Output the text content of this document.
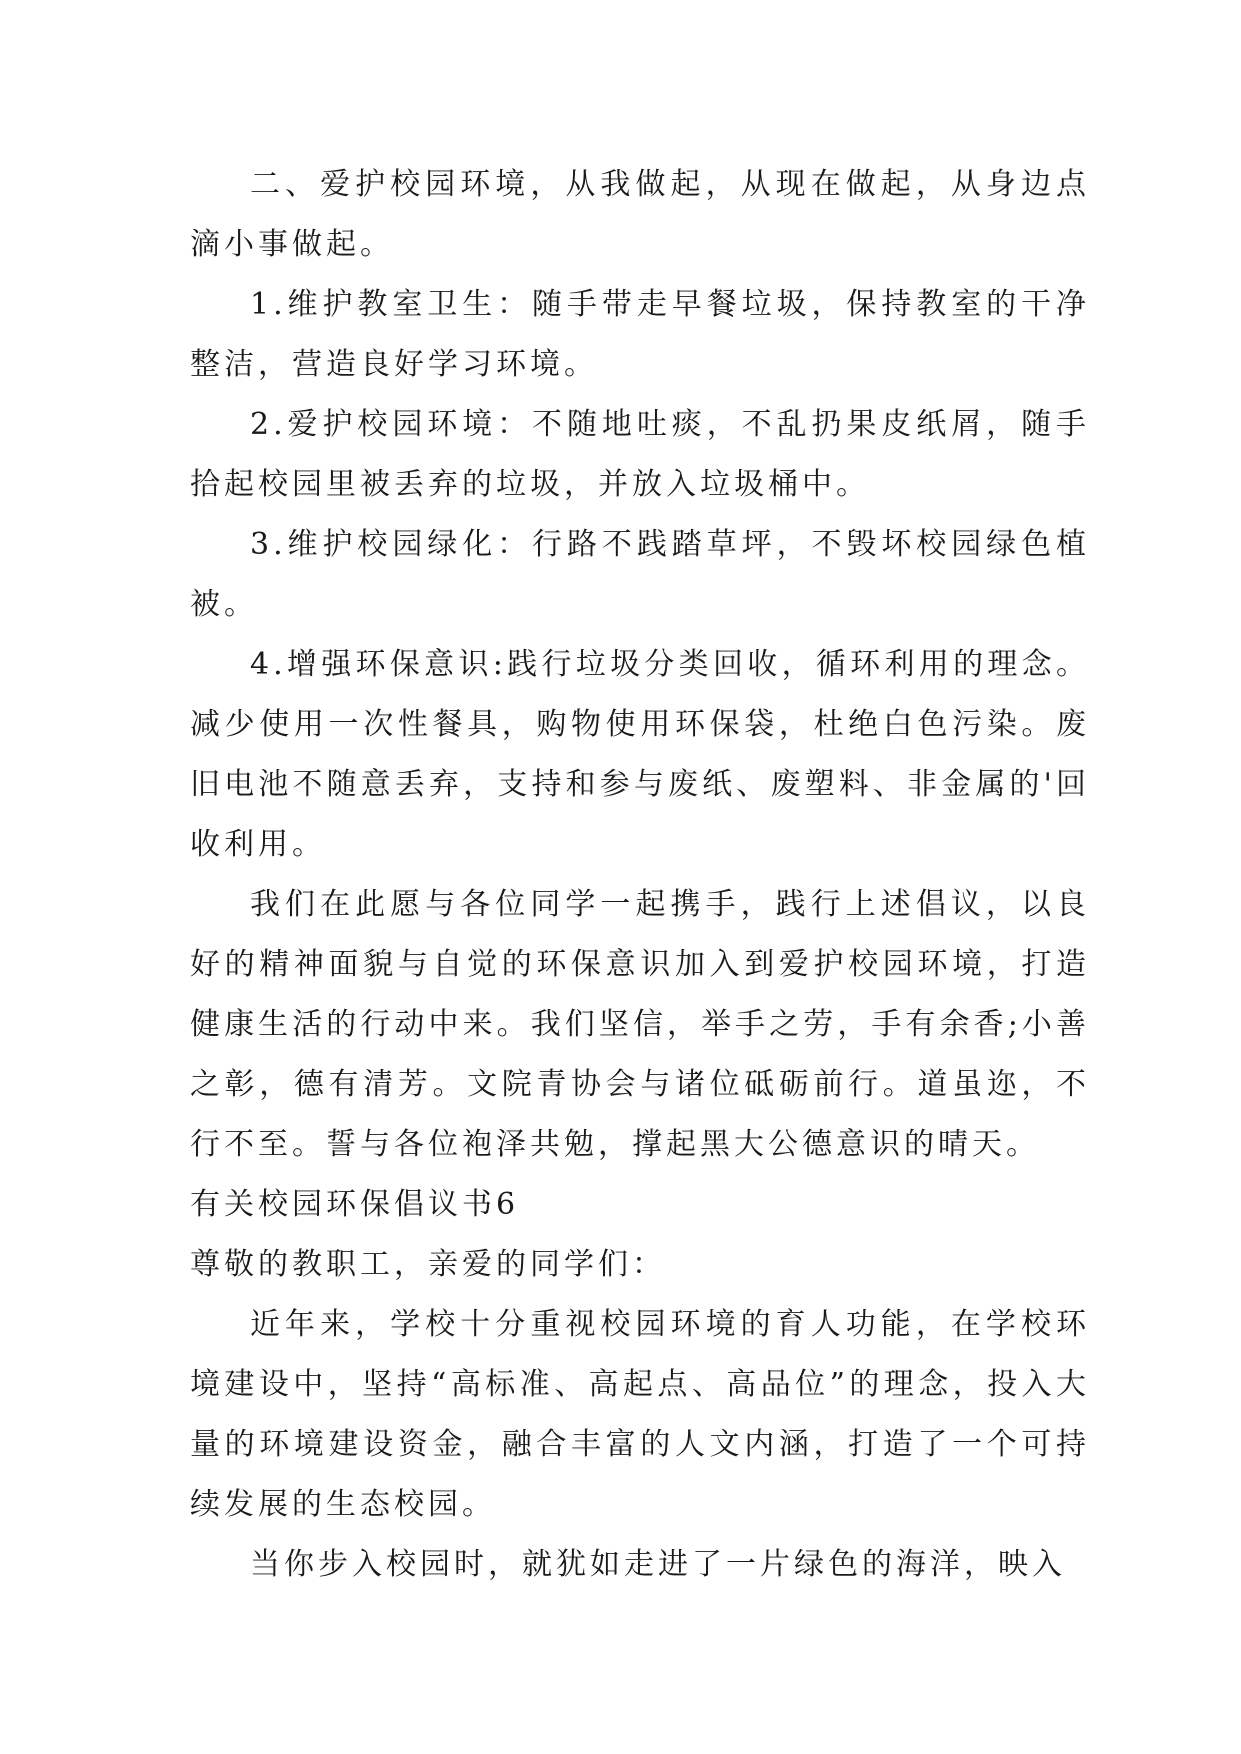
二、爱护校园环境，从我做起，从现在做起，从身边点滴小事做起。

1.维护教室卫生：随手带走早餐垃圾，保持教室的干净整洁，营造良好学习环境。

2.爱护校园环境：不随地吐痰，不乱扔果皮纸屑，随手拾起校园里被丢弃的垃圾，并放入垃圾桶中。

3.维护校园绿化：行路不践踏草坪，不毁坏校园绿色植被。

4.增强环保意识:践行垃圾分类回收，循环利用的理念。减少使用一次性餐具，购物使用环保袋，杜绝白色污染。废旧电池不随意丢弃，支持和参与废纸、废塑料、非金属的'回收利用。

我们在此愿与各位同学一起携手，践行上述倡议，以良好的精神面貌与自觉的环保意识加入到爱护校园环境，打造健康生活的行动中来。我们坚信，举手之劳，手有余香;小善之彰，德有清芳。文院青协会与诸位砥砺前行。道虽迩，不行不至。誓与各位袍泽共勉，撑起黑大公德意识的晴天。

有关校园环保倡议书6

尊敬的教职工，亲爱的同学们：

近年来，学校十分重视校园环境的育人功能，在学校环境建设中，坚持“高标准、高起点、高品位”的理念，投入大量的环境建设资金，融合丰富的人文内涵，打造了一个可持续发展的生态校园。

当你步入校园时，就犹如走进了一片绿色的海洋，映入
